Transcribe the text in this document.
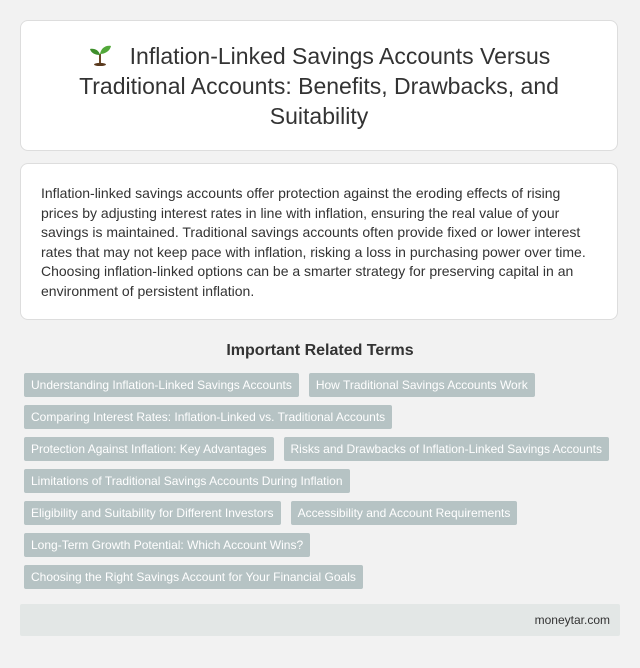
Inflation-Linked Savings Accounts Versus Traditional Accounts: Benefits, Drawbacks, and Suitability

Inflation-linked savings accounts offer protection against the eroding effects of rising prices by adjusting interest rates in line with inflation, ensuring the real value of your savings is maintained. Traditional savings accounts often provide fixed or lower interest rates that may not keep pace with inflation, risking a loss in purchasing power over time. Choosing inflation-linked options can be a smarter strategy for preserving capital in an environment of persistent inflation.

Important Related Terms
Understanding Inflation-Linked Savings Accounts	How Traditional Savings Accounts Work
Comparing Interest Rates: Inflation-Linked vs. Traditional Accounts
Protection Against Inflation: Key Advantages	Risks and Drawbacks of Inflation-Linked Savings Accounts
Limitations of Traditional Savings Accounts During Inflation
Eligibility and Suitability for Different Investors	Accessibility and Account Requirements
Long-Term Growth Potential: Which Account Wins?
Choosing the Right Savings Account for Your Financial Goals
moneytar.com
